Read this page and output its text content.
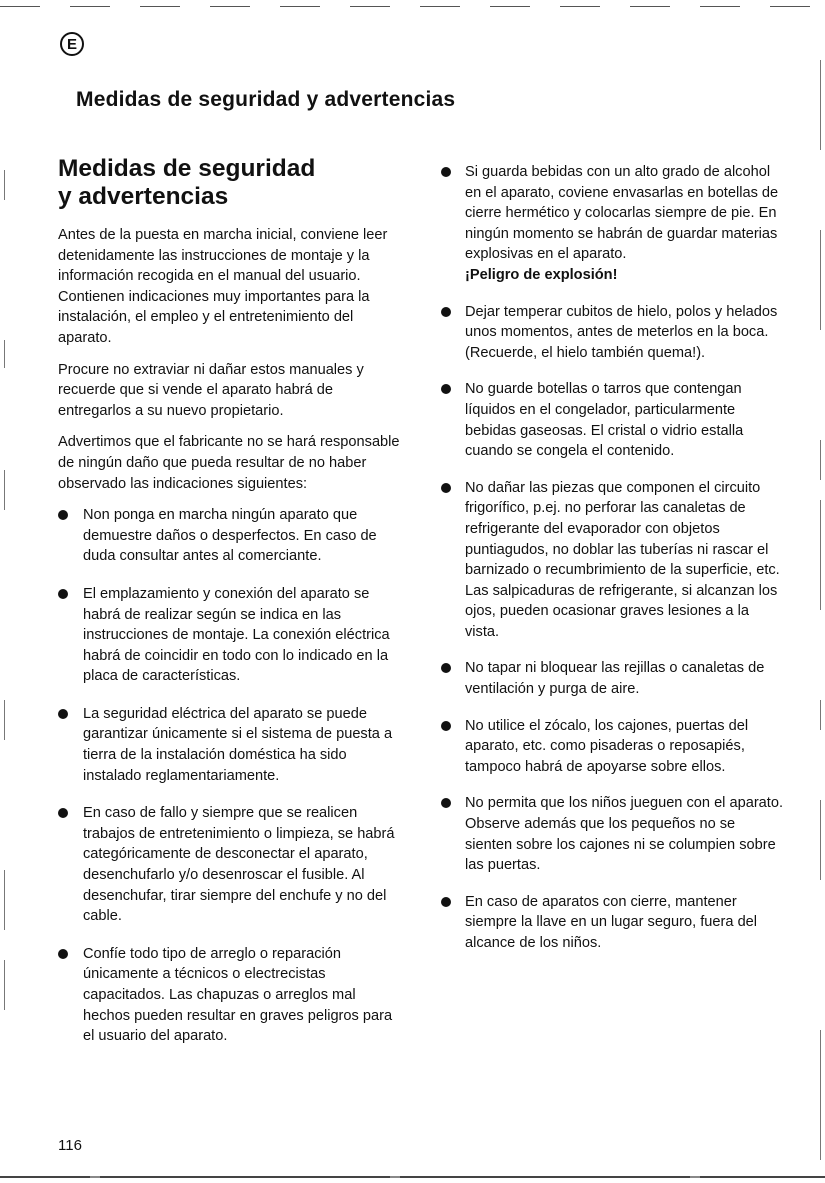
E
Medidas de seguridad y advertencias
Medidas de seguridad
y advertencias

Antes de la puesta en marcha inicial, conviene leer detenidamente las instrucciones de montaje y la información recogida en el manual del usuario. Contienen indicaciones muy importantes para la instalación, el empleo y el entretenimiento del aparato.

Procure no extraviar ni dañar estos manuales y recuerde que si vende el aparato habrá de entregarlos a su nuevo propietario.

Advertimos que el fabricante no se hará responsable de ningún daño que pueda resultar de no haber observado las indicaciones siguientes:

Non ponga en marcha ningún aparato que demuestre daños o desperfectos. En caso de duda consultar antes al comerciante.
El emplazamiento y conexión del aparato se habrá de realizar según se indica en las instrucciones de montaje. La conexión eléctrica habrá de coincidir en todo con lo indicado en la placa de características.
La seguridad eléctrica del aparato se puede garantizar únicamente si el sistema de puesta a tierra de la instalación doméstica ha sido instalado reglamentariamente.
En caso de fallo y siempre que se realicen trabajos de entretenimiento o limpieza, se habrá categóricamente de desconectar el aparato, desenchufarlo y/o desenroscar el fusible. Al desenchufar, tirar siempre del enchufe y no del cable.
Confíe todo tipo de arreglo o reparación únicamente a técnicos o electrecistas capacitados. Las chapuzas o arreglos mal hechos pueden resultar en graves peligros para el usuario del aparato.
Si guarda bebidas con un alto grado de alcohol en el aparato, coviene envasarlas en botellas de cierre hermético y colocarlas siempre de pie. En ningún momento se habrán de guardar materias explosivas en el aparato.
¡Peligro de explosión!
Dejar temperar cubitos de hielo, polos y helados unos momentos, antes de meterlos en la boca. (Recuerde, el hielo también quema!).
No guarde botellas o tarros que contengan líquidos en el congelador, particularmente bebidas gaseosas. El cristal o vidrio estalla cuando se congela el contenido.
No dañar las piezas que componen el circuito frigorífico, p.ej. no perforar las canaletas de refrigerante del evaporador con objetos puntiagudos, no doblar las tuberías ni rascar el barnizado o recumbrimiento de la superficie, etc. Las salpicaduras de refrigerante, si alcanzan los ojos, pueden ocasionar graves lesiones a la vista.
No tapar ni bloquear las rejillas o canaletas de ventilación y purga de aire.
No utilice el zócalo, los cajones, puertas del aparato, etc. como pisaderas o reposapiés, tampoco habrá de apoyarse sobre ellos.
No permita que los niños jueguen con el aparato. Observe además que los pequeños no se sienten sobre los cajones ni se columpien sobre las puertas.
En caso de aparatos con cierre, mantener siempre la llave en un lugar seguro, fuera del alcance de los niños.
116
